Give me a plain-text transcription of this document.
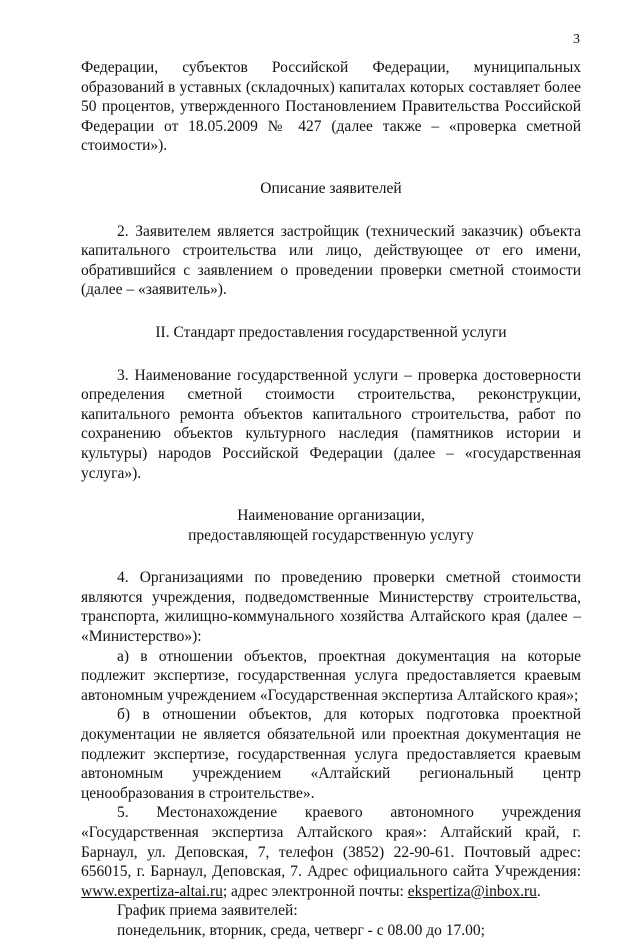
3

Федерации, субъектов Российской Федерации, муниципальных образований в уставных (складочных) капиталах которых составляет более 50 процентов, утвержденного Постановлением Правительства Российской Федерации от 18.05.2009 № 427 (далее также – «проверка сметной стоимости»).

Описание заявителей

2. Заявителем является застройщик (технический заказчик) объекта капитального строительства или лицо, действующее от его имени, обратившийся с заявлением о проведении проверки сметной стоимости (далее – «заявитель»).

II. Стандарт предоставления государственной услуги

3. Наименование государственной услуги – проверка достоверности определения сметной стоимости строительства, реконструкции, капитального ремонта объектов капитального строительства, работ по сохранению объектов культурного наследия (памятников истории и культуры) народов Российской Федерации (далее – «государственная услуга»).

Наименование организации,

предоставляющей государственную услугу

4. Организациями по проведению проверки сметной стоимости являются учреждения, подведомственные Министерству строительства, транспорта, жилищно-коммунального хозяйства Алтайского края (далее – «Министерство»):

а) в отношении объектов, проектная документация на которые подлежит экспертизе, государственная услуга предоставляется краевым автономным учреждением «Государственная экспертиза Алтайского края»;

б) в отношении объектов, для которых подготовка проектной документации не является обязательной или проектная документация не подлежит экспертизе, государственная услуга предоставляется краевым автономным учреждением «Алтайский региональный центр ценообразования в строительстве».

5. Местонахождение краевого автономного учреждения «Государственная экспертиза Алтайского края»: Алтайский край, г. Барнаул, ул. Деповская, 7, телефон (3852) 22-90-61. Почтовый адрес: 656015, г. Барнаул, Деповская, 7. Адрес официального сайта Учреждения: www.expertiza-altai.ru; адрес электронной почты: ekspertiza@inbox.ru.

График приема заявителей:

понедельник, вторник, среда, четверг - с 08.00 до 17.00;
